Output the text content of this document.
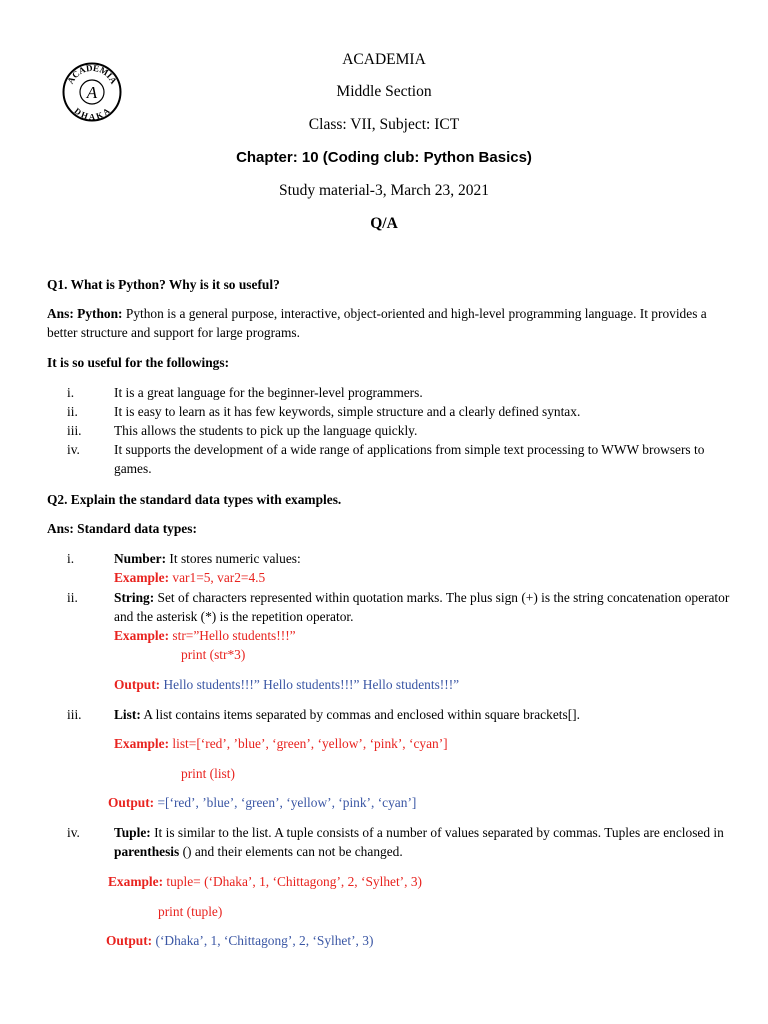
ACADEMIA
DHAKA
A
ACADEMIA
Middle Section
Class: VII, Subject: ICT
Chapter: 10 (Coding club: Python Basics)
Study material-3, March 23, 2021
Q/A
Q1. What is Python? Why is it so useful?
Ans: Python: Python is a general purpose, interactive, object-oriented and high-level programming language. It provides a better structure and support for large programs.
It is so useful for the followings:
i.	It is a great language for the beginner-level programmers.
ii.	It is easy to learn as it has few keywords, simple structure and a clearly defined syntax.
iii. This allows the students to pick up the language quickly.
iv.	It supports the development of a wide range of applications from simple text processing to WWW browsers to games.
Q2. Explain the standard data types with examples.
Ans: Standard data types:
i.	Number: It stores numeric values:
Example: var1=5, var2=4.5
ii.	String: Set of characters represented within quotation marks. The plus sign (+) is the string concatenation operator and the asterisk (*) is the repetition operator.
Example: str=”Hello students!!!”
print (str*3)
Output: Hello students!!!” Hello students!!!” Hello students!!!”
iii. List: A list contains items separated by commas and enclosed within square brackets[].
Example: list=[‘red’, ’blue’, ‘green’, ‘yellow’, ‘pink’, ‘cyan’]
print (list)
Output: =[‘red’, ’blue’, ‘green’, ‘yellow’, ‘pink’, ‘cyan’]
iv.	Tuple: It is similar to the list. A tuple consists of a number of values separated by commas. Tuples are enclosed in parenthesis () and their elements can not be changed.
Example: tuple= (‘Dhaka’, 1, ‘Chittagong’, 2, ‘Sylhet’, 3)
print (tuple)
Output: (‘Dhaka’, 1, ‘Chittagong’, 2, ‘Sylhet’, 3)
